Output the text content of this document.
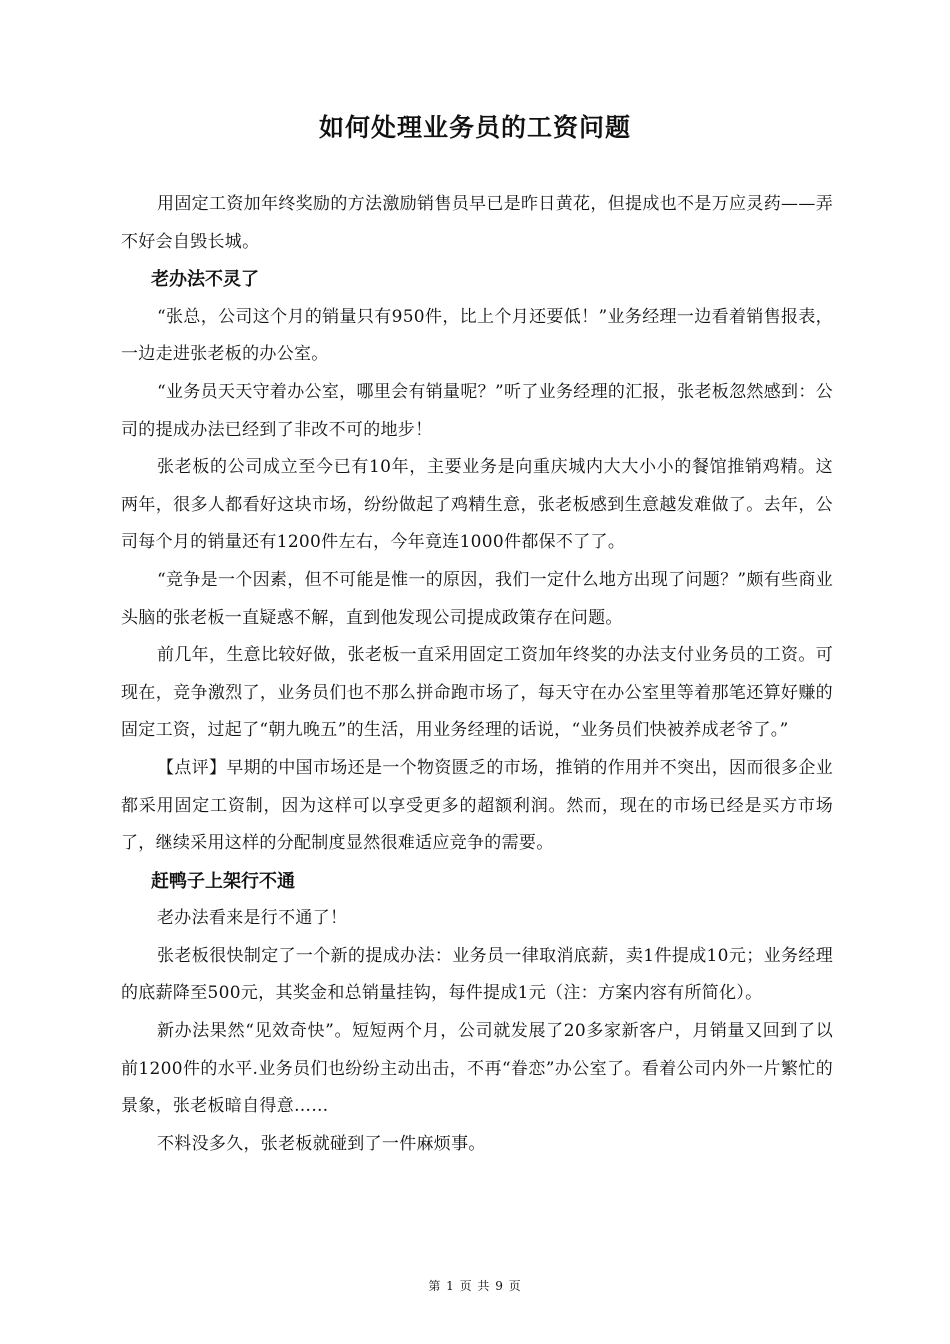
如何处理业务员的工资问题

用固定工资加年终奖励的方法激励销售员早已是昨日黄花，但提成也不是万应灵药——弄不好会自毁长城。

老办法不灵了

“张总，公司这个月的销量只有950件，比上个月还要低！”业务经理一边看着销售报表，一边走进张老板的办公室。

“业务员天天守着办公室，哪里会有销量呢？”听了业务经理的汇报，张老板忽然感到：公司的提成办法已经到了非改不可的地步！

张老板的公司成立至今已有10年，主要业务是向重庆城内大大小小的餐馆推销鸡精。这两年，很多人都看好这块市场，纷纷做起了鸡精生意，张老板感到生意越发难做了。去年，公司每个月的销量还有1200件左右，今年竟连1000件都保不了了。

“竞争是一个因素，但不可能是惟一的原因，我们一定什么地方出现了问题？”颇有些商业头脑的张老板一直疑惑不解，直到他发现公司提成政策存在问题。

前几年，生意比较好做，张老板一直采用固定工资加年终奖的办法支付业务员的工资。可现在，竞争激烈了，业务员们也不那么拼命跑市场了，每天守在办公室里等着那笔还算好赚的固定工资，过起了“朝九晚五”的生活，用业务经理的话说，“业务员们快被养成老爷了。”

【点评】早期的中国市场还是一个物资匮乏的市场，推销的作用并不突出，因而很多企业都采用固定工资制，因为这样可以享受更多的超额利润。然而，现在的市场已经是买方市场了，继续采用这样的分配制度显然很难适应竞争的需要。

赶鸭子上架行不通

老办法看来是行不通了！

张老板很快制定了一个新的提成办法：业务员一律取消底薪，卖1件提成10元；业务经理的底薪降至500元，其奖金和总销量挂钩，每件提成1元（注：方案内容有所简化）。

新办法果然“见效奇快”。短短两个月，公司就发展了20多家新客户，月销量又回到了以前1200件的水平.业务员们也纷纷主动出击，不再“眷恋”办公室了。看着公司内外一片繁忙的景象，张老板暗自得意……

不料没多久，张老板就碰到了一件麻烦事。

第 1 页 共 9 页
